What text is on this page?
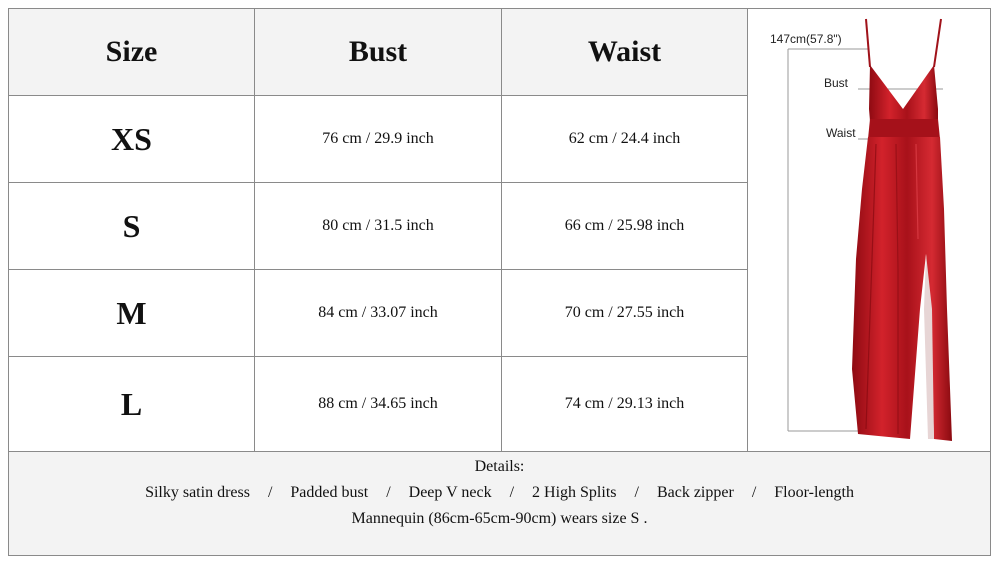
Size	Bust	Waist
XS	76 cm / 29.9 inch	62 cm / 24.4 inch
S	80 cm / 31.5 inch	66 cm / 25.98 inch
M	84 cm / 33.07 inch	70 cm / 27.55 inch
L	88 cm / 34.65 inch	74 cm / 29.13 inch
147cm(57.8")
Bust
Waist
Details:
Silky satin dress / Padded bust / Deep V neck / 2 High Splits / Back zipper / Floor-length
Mannequin (86cm-65cm-90cm) wears size S .
